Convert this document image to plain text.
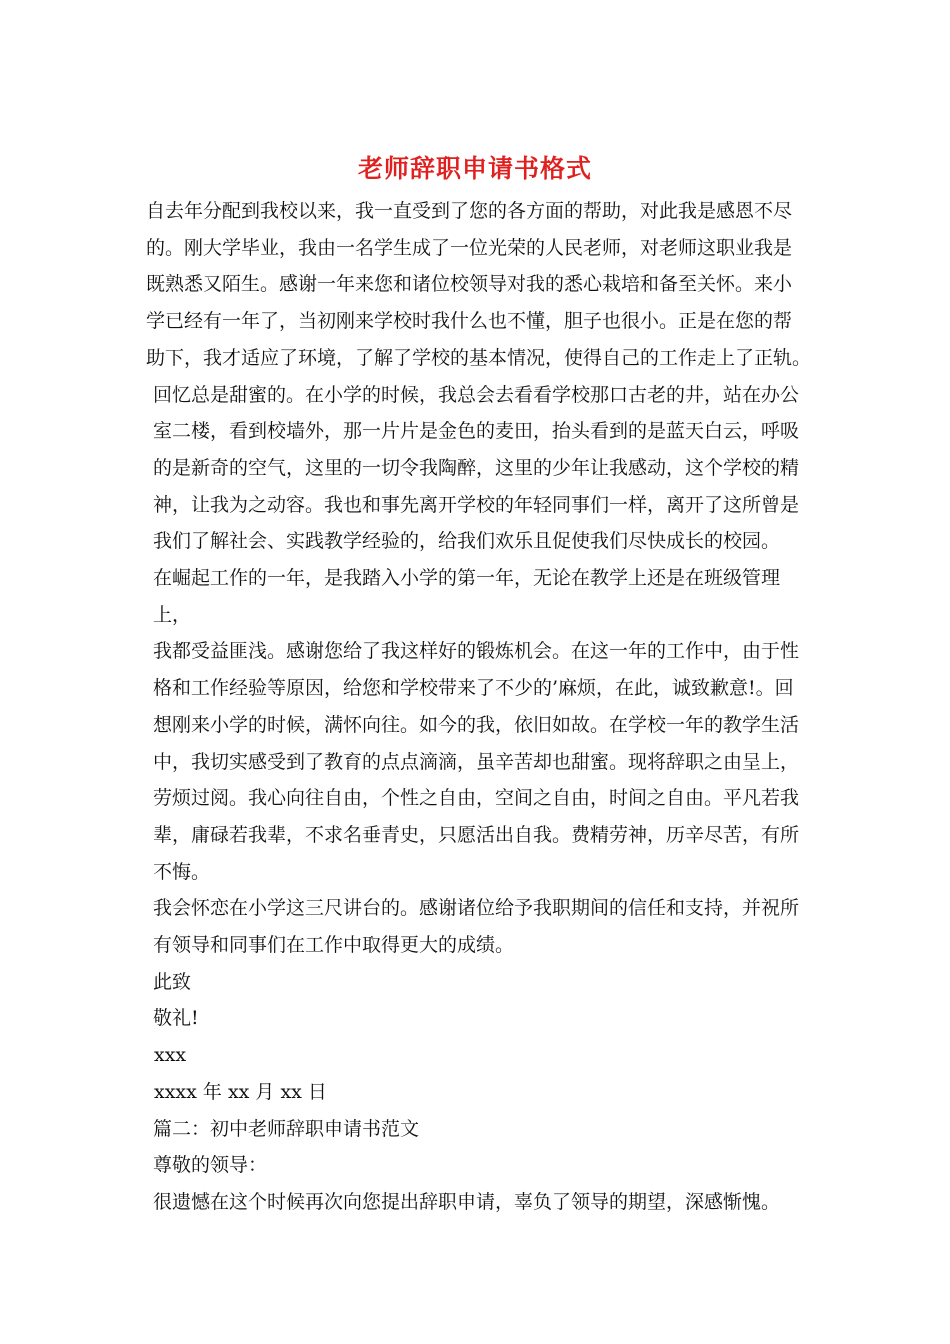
老师辞职申请书格式

自去年分配到我校以来，我一直受到了您的各方面的帮助，对此我是感恩不尽
的。刚大学毕业，我由一名学生成了一位光荣的人民老师，对老师这职业我是
既熟悉又陌生。感谢一年来您和诸位校领导对我的悉心栽培和备至关怀。来小
学已经有一年了，当初刚来学校时我什么也不懂，胆子也很小。正是在您的帮
助下，我才适应了环境，了解了学校的基本情况，使得自己的工作走上了正轨。

回忆总是甜蜜的。在小学的时候，我总会去看看学校那口古老的井，站在办公
室二楼，看到校墙外，那一片片是金色的麦田，抬头看到的是蓝天白云，呼吸
的是新奇的空气，这里的一切令我陶醉，这里的少年让我感动，这个学校的精
神，让我为之动容。我也和事先离开学校的年轻同事们一样，离开了这所曾是
我们了解社会、实践教学经验的，给我们欢乐且促使我们尽快成长的校园。

在崛起工作的一年，是我踏入小学的第一年，无论在教学上还是在班级管理上，
我都受益匪浅。感谢您给了我这样好的锻炼机会。在这一年的工作中，由于性
格和工作经验等原因，给您和学校带来了不少的’麻烦，在此，诚致歉意!。回
想刚来小学的时候，满怀向往。如今的我，依旧如故。在学校一年的教学生活
中，我切实感受到了教育的点点滴滴，虽辛苦却也甜蜜。现将辞职之由呈上，
劳烦过阅。我心向往自由，个性之自由，空间之自由，时间之自由。平凡若我
辈，庸碌若我辈，不求名垂青史，只愿活出自我。费精劳神，历辛尽苦，有所
不悔。

我会怀恋在小学这三尺讲台的。感谢诸位给予我职期间的信任和支持，并祝所
有领导和同事们在工作中取得更大的成绩。

此致

敬礼!

xxx

xxxx 年 xx 月 xx 日

篇二：初中老师辞职申请书范文

尊敬的领导：

很遗憾在这个时候再次向您提出辞职申请，辜负了领导的期望，深感惭愧。
